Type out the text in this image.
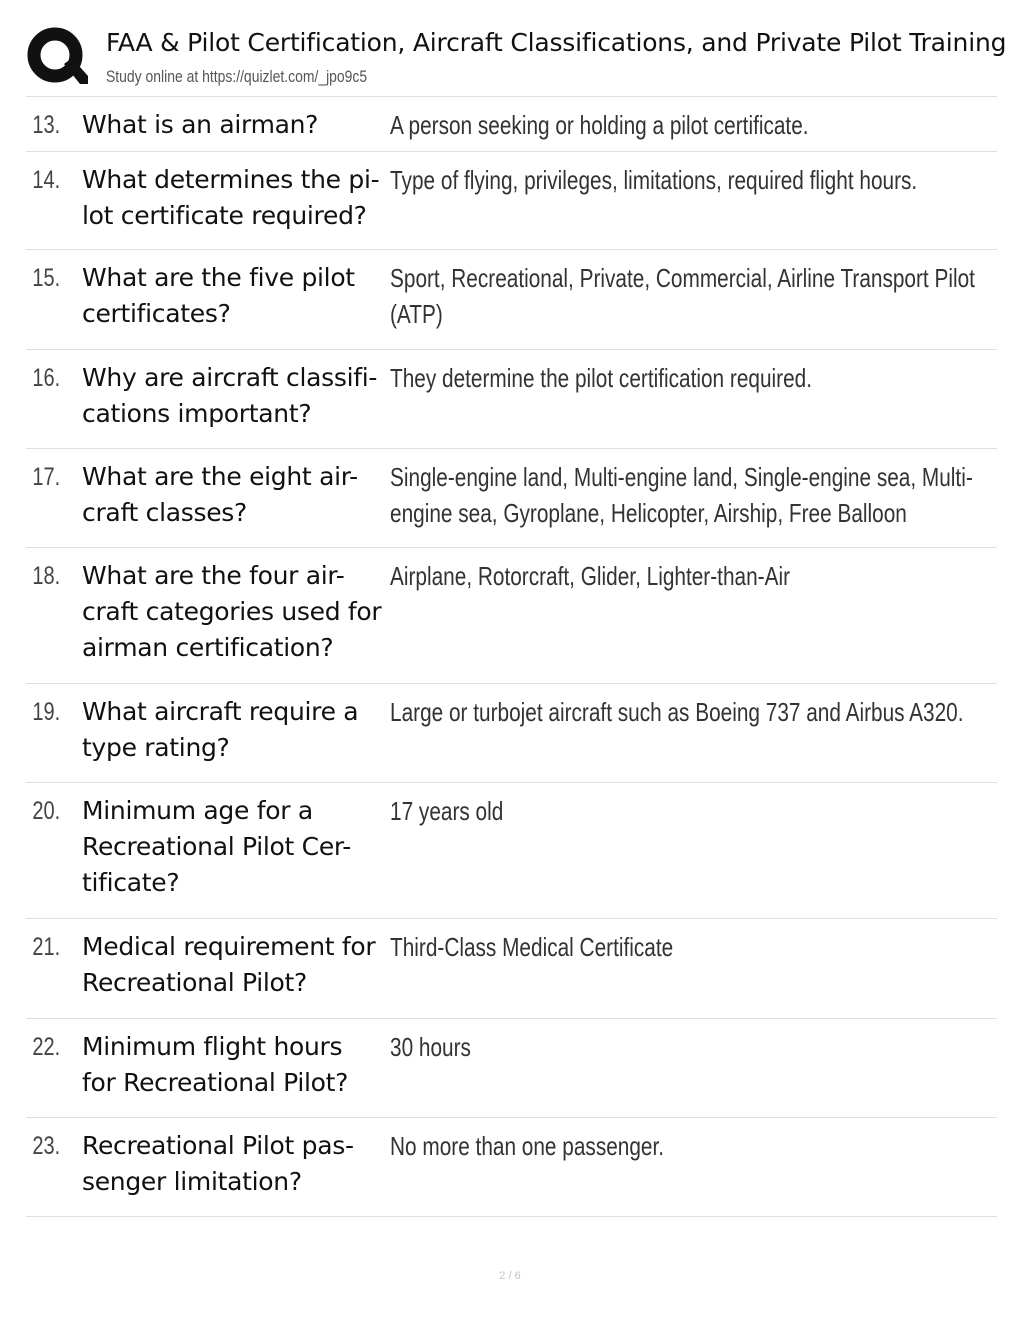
FAA & Pilot Certification, Aircraft Classifications, and Private Pilot Training
Study online at https://quizlet.com/_jpo9c5
13. What is an airman?	A person seeking or holding a pilot certificate.
14. What determines the pi-
lot certificate required?
Type of flying, privileges, limitations, required flight hours.
15. What are the five pilot
certificates?
Sport, Recreational, Private, Commercial, Airline Transport Pilot (ATP)
16. Why are aircraft classifi-
cations important?
They determine the pilot certification required.
17. What are the eight air-
craft classes?
Single-engine land, Multi-engine land, Single-engine sea, Multi-engine sea, Gyroplane, Helicopter, Airship, Free Balloon
18. What are the four air-
craft categories used for
airman certification?
Airplane, Rotorcraft, Glider, Lighter-than-Air
19. What aircraft require a
type rating?
Large or turbojet aircraft such as Boeing 737 and Airbus A320.
20. Minimum age for a
Recreational Pilot Cer-
tificate?
17 years old
21. Medical requirement for
Recreational Pilot?
Third-Class Medical Certificate
22. Minimum flight hours
for Recreational Pilot?
30 hours
23. Recreational Pilot pas-
senger limitation?
No more than one passenger.
2 / 6
